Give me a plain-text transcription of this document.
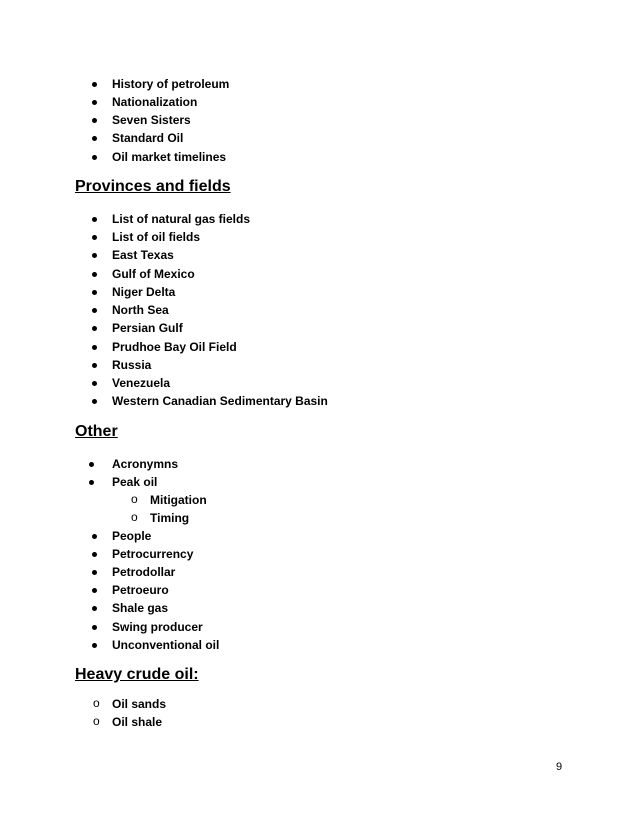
History of petroleum
Nationalization
Seven Sisters
Standard Oil
Oil market timelines
Provinces and fields
List of natural gas fields
List of oil fields
East Texas
Gulf of Mexico
Niger Delta
North Sea
Persian Gulf
Prudhoe Bay Oil Field
Russia
Venezuela
Western Canadian Sedimentary Basin
Other
Acronymns
Peak oil
o Mitigation
o Timing
People
Petrocurrency
Petrodollar
Petroeuro
Shale gas
Swing producer
Unconventional oil
Heavy crude oil:
o Oil sands
o Oil shale
9
